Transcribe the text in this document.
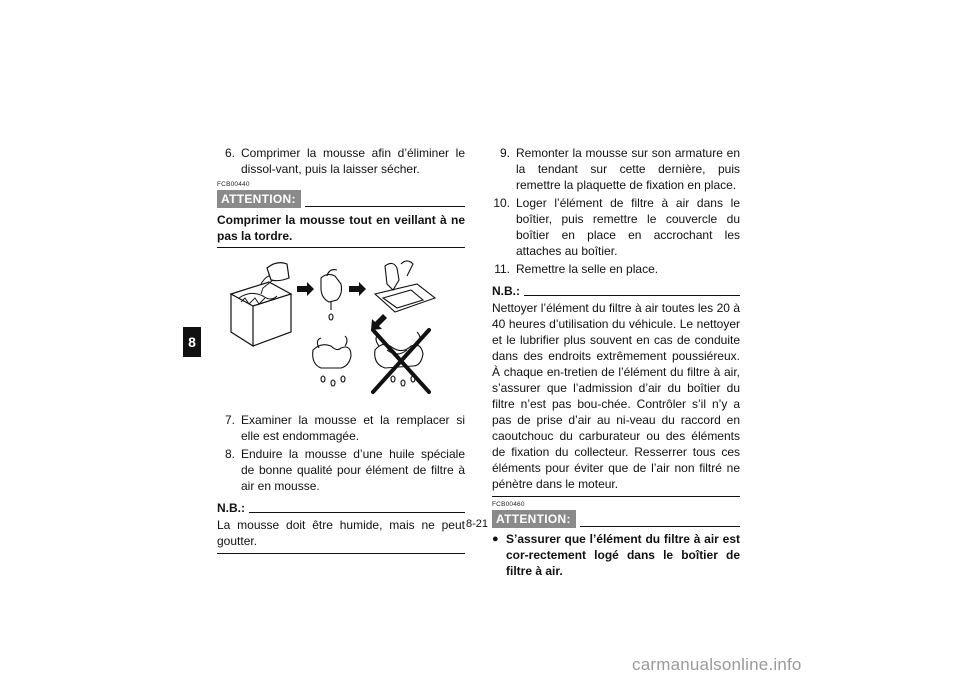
8
6. Comprimer la mousse afin d’éliminer le dissol-vant, puis la laisser sécher.
FCB00440
ATTENTION:
Comprimer la mousse tout en veillant à ne pas la tordre.
7. Examiner la mousse et la remplacer si elle est endommagée.
8. Enduire la mousse d’une huile spéciale de bonne qualité pour élément de filtre à air en mousse.
N.B.:
La mousse doit être humide, mais ne peut goutter.
9. Remonter la mousse sur son armature en la tendant sur cette dernière, puis remettre la plaquette de fixation en place.
10. Loger l’élément de filtre à air dans le boîtier, puis remettre le couvercle du boîtier en place en accrochant les attaches au boîtier.
11. Remettre la selle en place.
N.B.:
Nettoyer l’élément du filtre à air toutes les 20 à 40 heures d’utilisation du véhicule. Le nettoyer et le lubrifier plus souvent en cas de conduite dans des endroits extrêmement poussiéreux. À chaque en-tretien de l’élément du filtre à air, s’assurer que l’admission d’air du boîtier du filtre n’est pas bou-chée. Contrôler s’il n’y a pas de prise d’air au ni-veau du raccord en caoutchouc du carburateur ou des éléments de fixation du collecteur. Resserrer tous ces éléments pour éviter que de l’air non filtré ne pénètre dans le moteur.
FCB00460
ATTENTION:
● S’assurer que l’élément du filtre à air est cor-rectement logé dans le boîtier de filtre à air.
8-21
carmanualsonline.info
